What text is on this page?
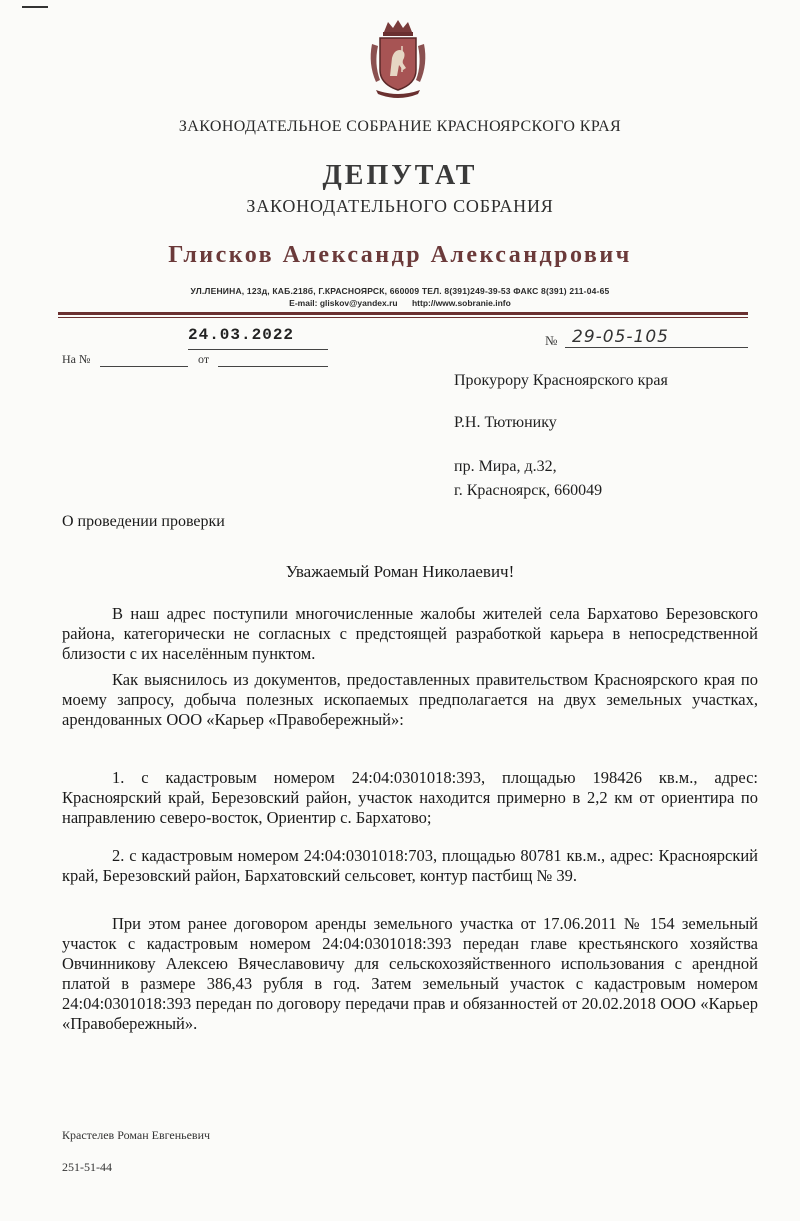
ЗАКОНОДАТЕЛЬНОЕ СОБРАНИЕ КРАСНОЯРСКОГО КРАЯ
ДЕПУТАТ
ЗАКОНОДАТЕЛЬНОГО СОБРАНИЯ
Глисков Александр Александрович
УЛ.ЛЕНИНА, 123д, КАБ.218б, Г.КРАСНОЯРСК, 660009 ТЕЛ. 8(391)249-39-53 ФАКС 8(391) 211-04-65
E-mail: gliskov@yandex.ru http://www.sobranie.info
24.03.2022
На №	от
№ 29-05-105
Прокурору Красноярского края
Р.Н. Тютюнику
пр. Мира, д.32,
г. Красноярск, 660049
О проведении проверки
Уважаемый Роман Николаевич!
В наш адрес поступили многочисленные жалобы жителей села Бархатово Березовского района, категорически не согласных с предстоящей разработкой карьера в непосредственной близости с их населённым пунктом.
Как выяснилось из документов, предоставленных правительством Красноярского края по моему запросу, добыча полезных ископаемых предполагается на двух земельных участках, арендованных ООО «Карьер «Правобережный»:
1. с кадастровым номером 24:04:0301018:393, площадью 198426 кв.м., адрес: Красноярский край, Березовский район, участок находится примерно в 2,2 км от ориентира по направлению северо-восток, Ориентир с. Бархатово;
2. с кадастровым номером 24:04:0301018:703, площадью 80781 кв.м., адрес: Красноярский край, Березовский район, Бархатовский сельсовет, контур пастбищ № 39.
При этом ранее договором аренды земельного участка от 17.06.2011 № 154 земельный участок с кадастровым номером 24:04:0301018:393 передан главе крестьянского хозяйства Овчинникову Алексею Вячеславовичу для сельскохозяйственного использования с арендной платой в размере 386,43 рубля в год. Затем земельный участок с кадастровым номером 24:04:0301018:393 передан по договору передачи прав и обязанностей от 20.02.2018 ООО «Карьер «Правобережный».
Крастелев Роман Евгеньевич
251-51-44
